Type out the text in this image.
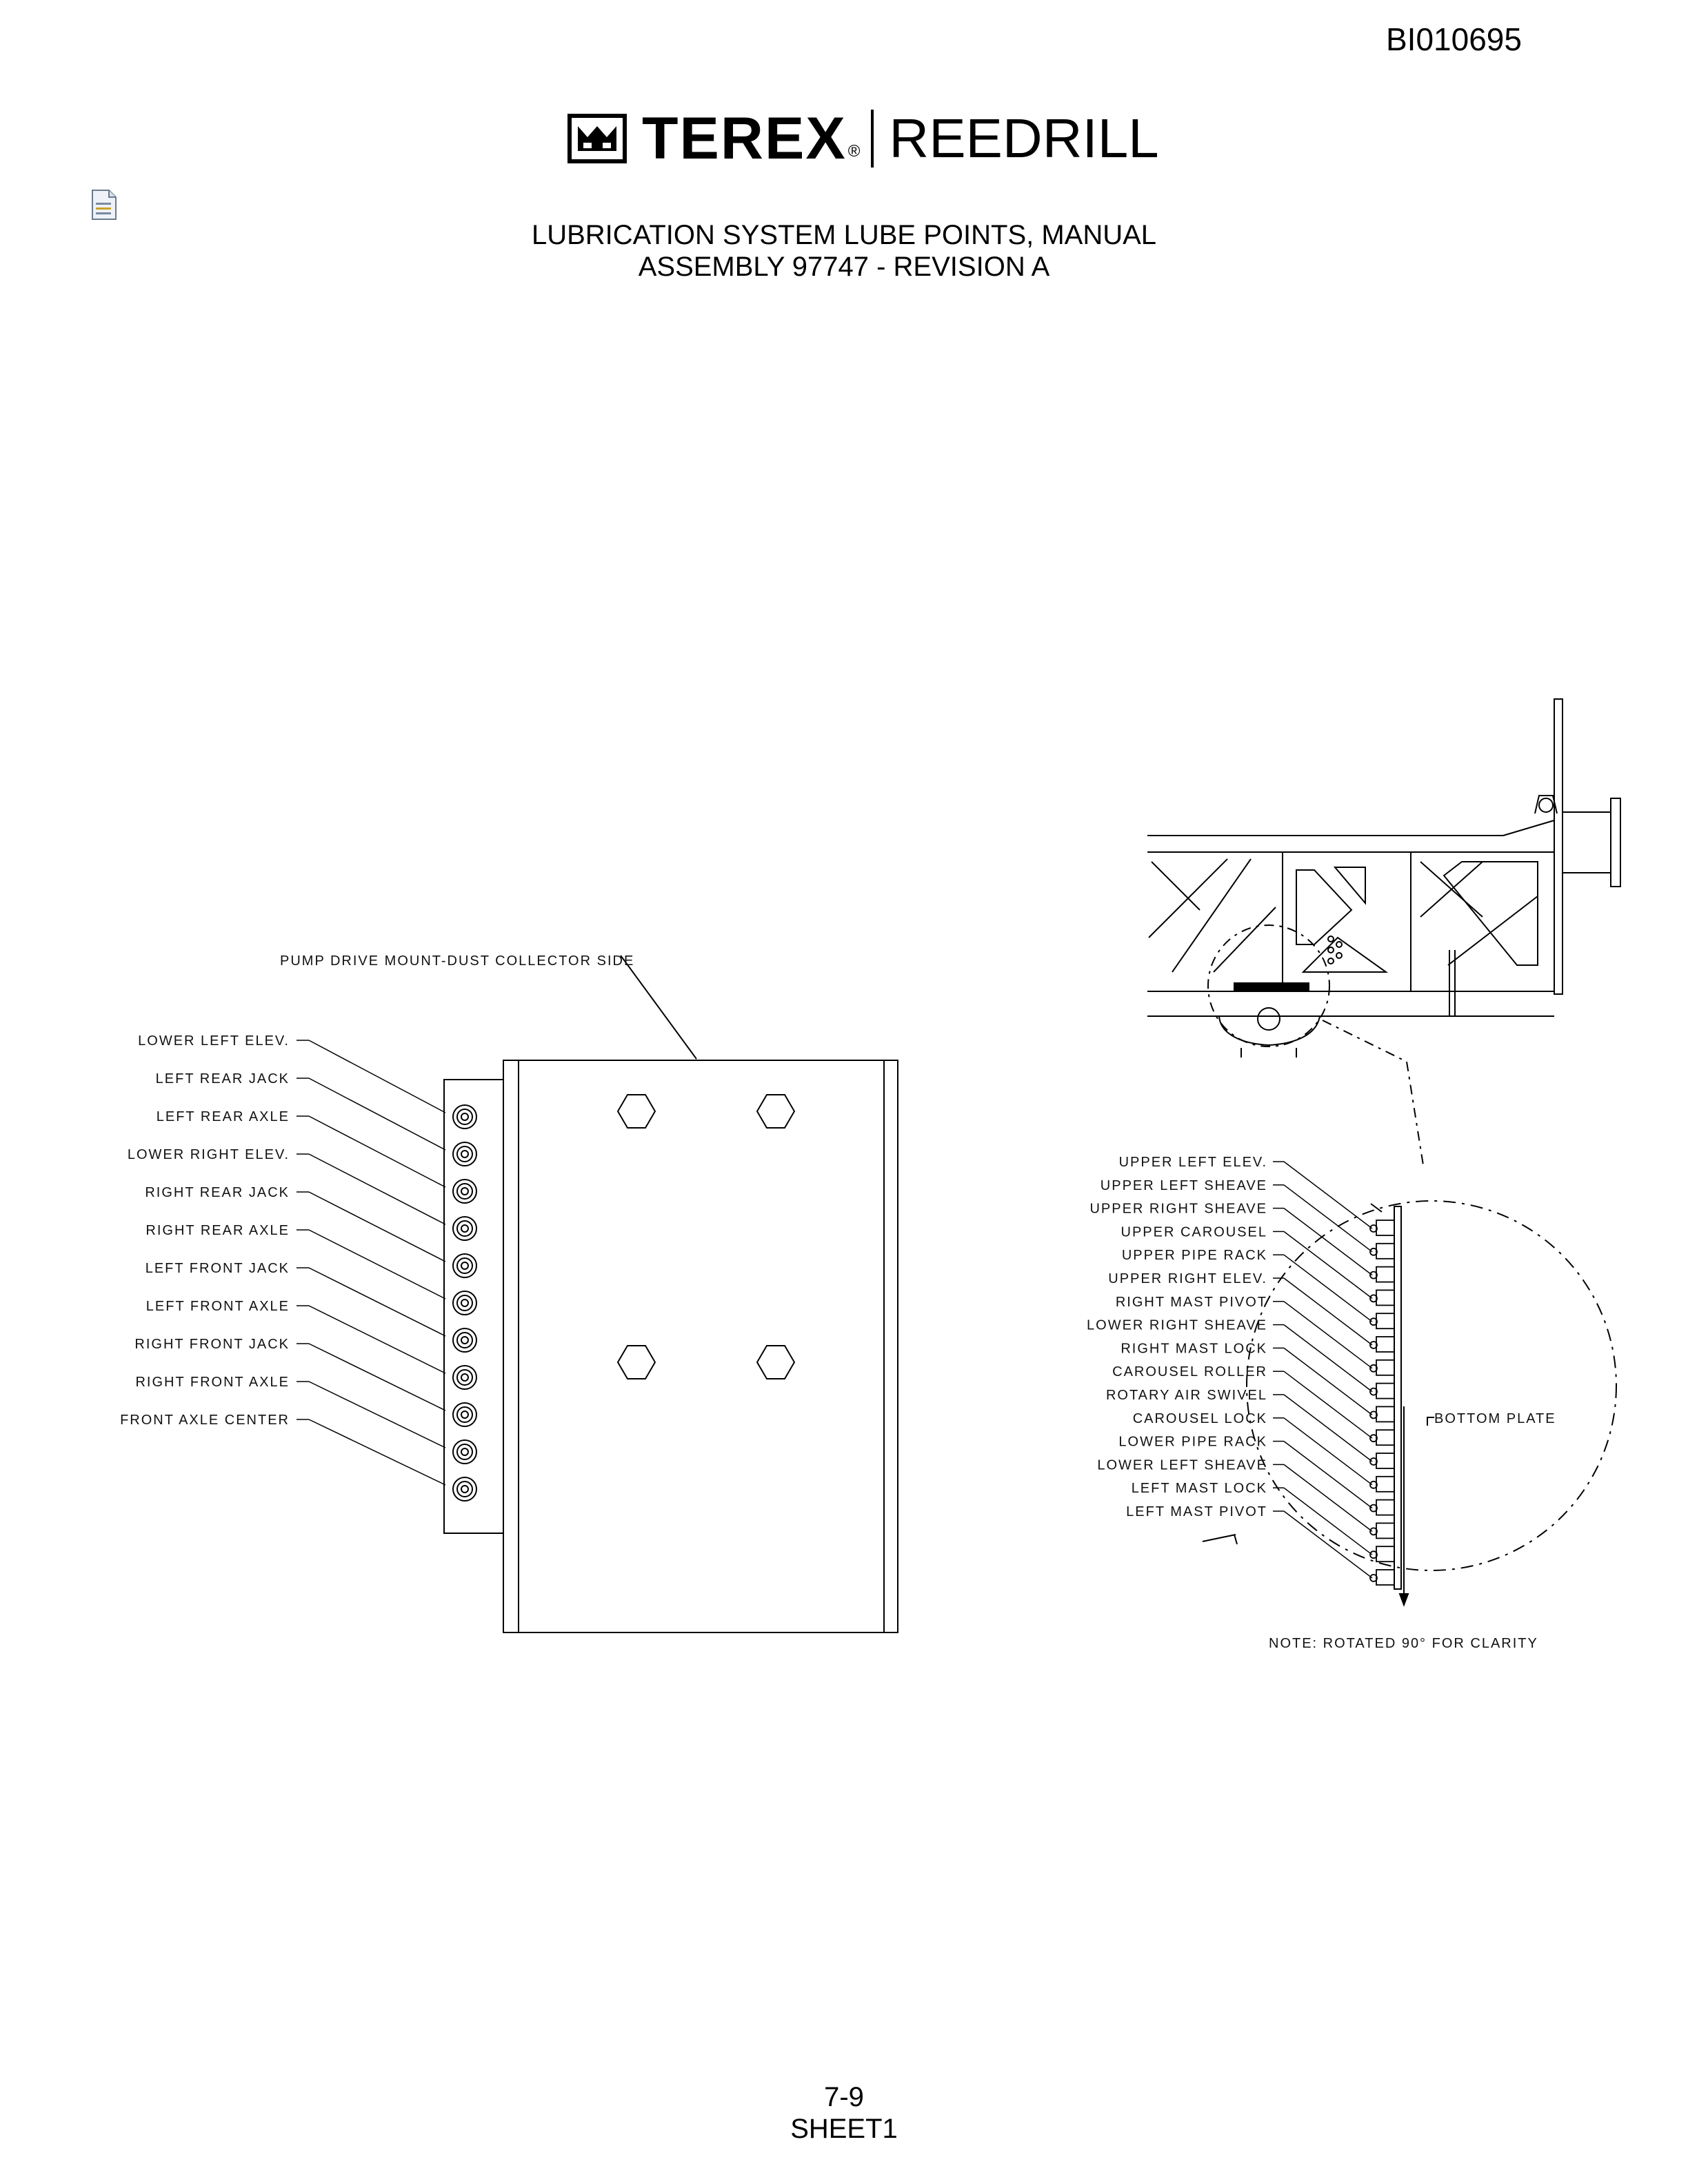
BI010695
TEREX ® REEDRILL
LUBRICATION SYSTEM LUBE POINTS, MANUAL
ASSEMBLY 97747 - REVISION A
PUMP DRIVE MOUNT-DUST COLLECTOR SIDE
LOWER LEFT ELEV.
LEFT REAR JACK
LEFT REAR AXLE
LOWER RIGHT ELEV.
RIGHT REAR JACK
RIGHT REAR AXLE
LEFT FRONT JACK
LEFT FRONT AXLE
RIGHT FRONT JACK
RIGHT FRONT AXLE
FRONT AXLE CENTER
UPPER LEFT ELEV.
UPPER LEFT SHEAVE
UPPER RIGHT SHEAVE
UPPER CAROUSEL
UPPER PIPE RACK
UPPER RIGHT ELEV.
RIGHT MAST PIVOT
LOWER RIGHT SHEAVE
RIGHT MAST LOCK
CAROUSEL ROLLER
ROTARY AIR SWIVEL
CAROUSEL LOCK
LOWER PIPE RACK
LOWER LEFT SHEAVE
LEFT MAST LOCK
LEFT MAST PIVOT
BOTTOM PLATE
NOTE: ROTATED 90° FOR CLARITY
7-9
SHEET1
